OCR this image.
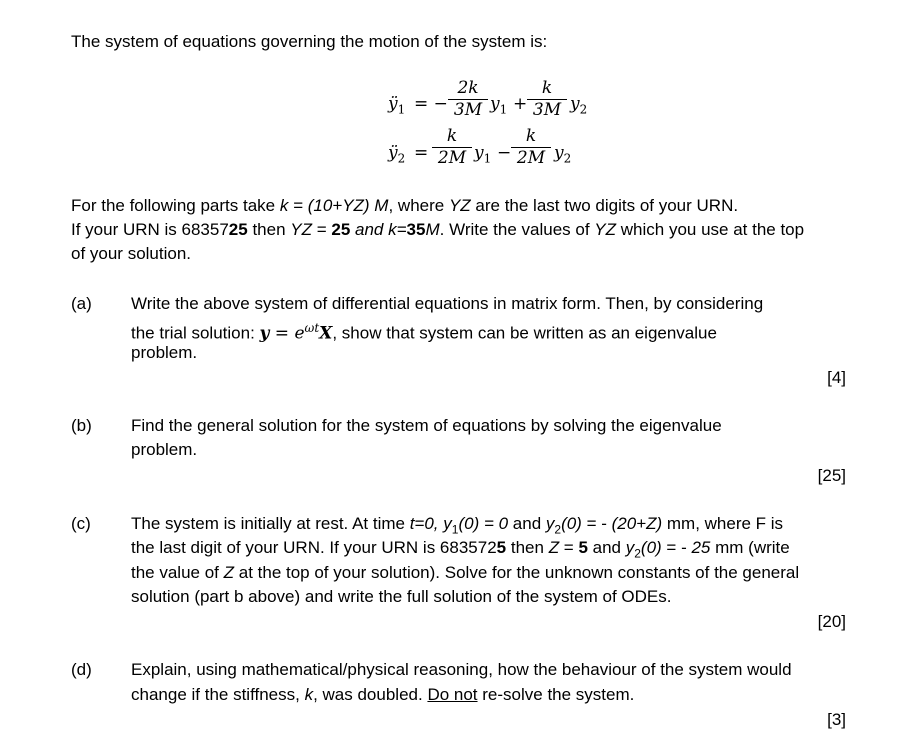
The system of equations governing the motion of the system is:
$ÿ_1$ = − $\frac{2k}{3M} y_1 + \frac{k}{3M} y_2$
$ÿ_2 = \frac{k}{2M} y_1 - \frac{k}{2M} y_2$
For the following parts take k = (10+YZ) M, where YZ are the last two digits of your URN.
If your URN is 6835725 then YZ = 25 and k=35M. Write the values of YZ which you use at the top
of your solution.
(a) Write the above system of differential equations in matrix form. Then, by considering
the trial solution: $y = e^{\omega t}X$, show that system can be written as an eigenvalue
problem.
[4]
(b) Find the general solution for the system of equations by solving the eigenvalue
problem.
[25]
(c) The system is initially at rest. At time t=0, $y_1(0) = 0$ and $y_2(0)$ = - (20+Z) mm, where F is
the last digit of your URN. If your URN is 6835725 then Z = 5 and $y_2(0)$ = - 25 mm (write
the value of Z at the top of your solution). Solve for the unknown constants of the general
solution (part b above) and write the full solution of the system of ODEs.
[20]
(d) Explain, using mathematical/physical reasoning, how the behaviour of the system would
change if the stiffness, k, was doubled. Do not re-solve the system.
[3]
